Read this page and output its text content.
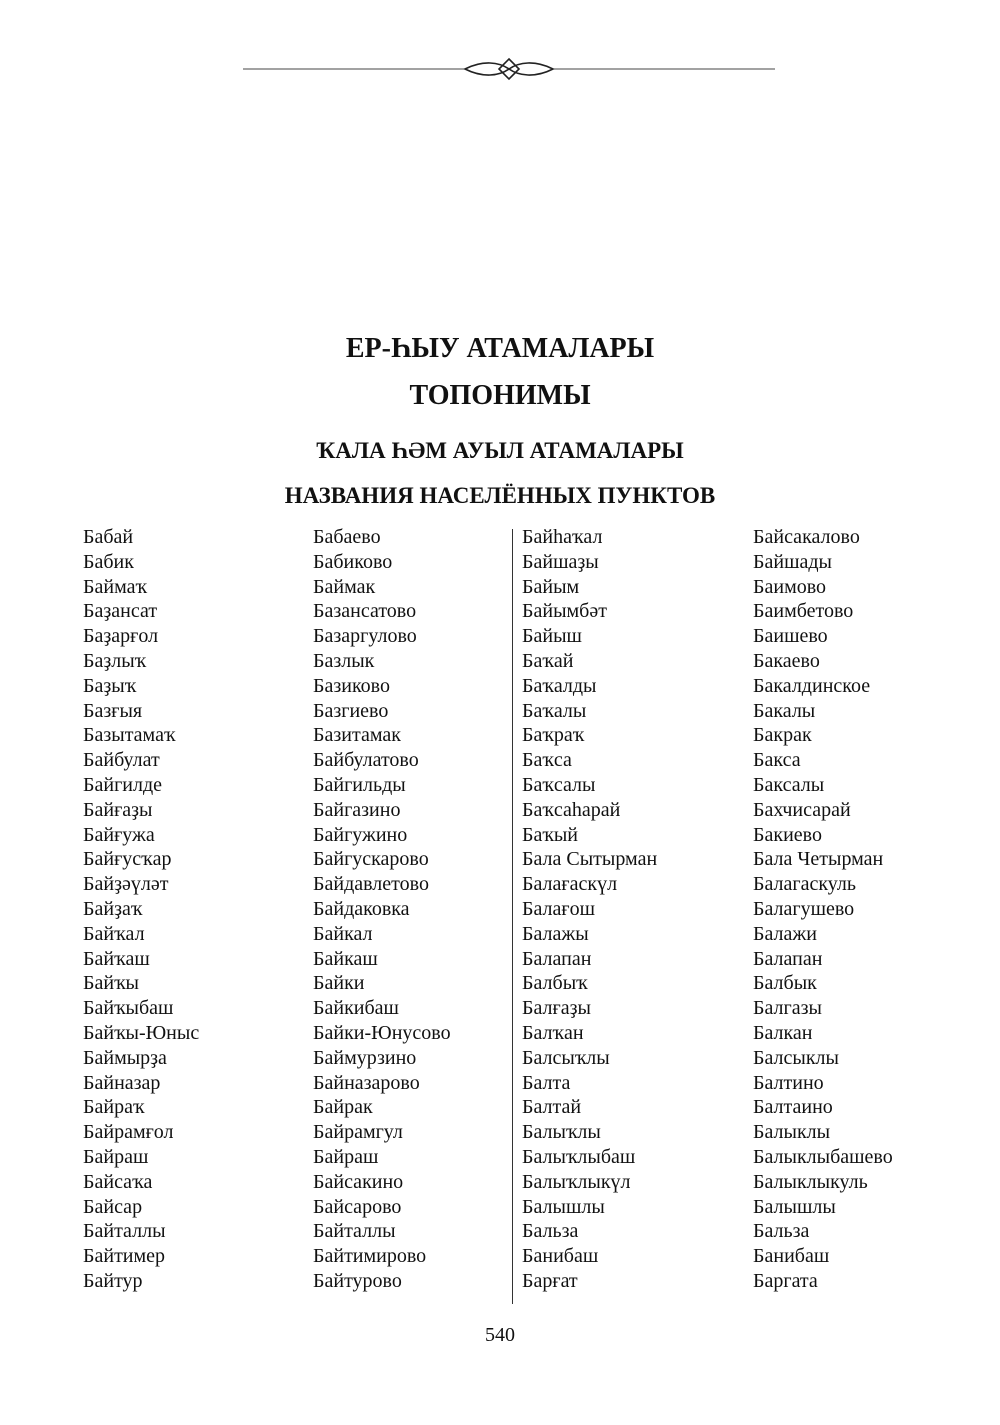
ЕР-ҺЫУ АТАМАЛАРЫ
ТОПОНИМЫ
ҠАЛА ҺӘМ АУЫЛ АТАМАЛАРЫ
НАЗВАНИЯ НАСЕЛЁННЫХ ПУНКТОВ
Бабай
Бабик
Баймаҡ
Баҙансат
Баҙарғол
Баҙлыҡ
Баҙыҡ
Базғыя
Базытамаҡ
Байбулат
Байгилде
Байғаҙы
Байғужа
Байғусҡар
Байҙәүләт
Байҙаҡ
Байҡал
Байҡаш
Байҡы
Байҡыбаш
Байҡы-Юныс
Баймырҙа
Байназар
Байраҡ
Байрамғол
Байраш
Байсаҡа
Байсар
Байталлы
Байтимер
Байтур
Бабаево
Бабиково
Баймак
Базансатово
Базаргулово
Базлык
Базиково
Базгиево
Базитамак
Байбулатово
Байгильды
Байгазино
Байгужино
Байгускарово
Байдавлетово
Байдаковка
Байкал
Байкаш
Байки
Байкибаш
Байки-Юнусово
Баймурзино
Байназарово
Байрак
Байрамгул
Байраш
Байсакино
Байсарово
Байталлы
Байтимирово
Байтурово
Байһаҡал
Байшаҙы
Байым
Байымбәт
Байыш
Баҡай
Баҡалды
Баҡалы
Баҡраҡ
Баҡса
Баҡсалы
Баҡсаһарай
Баҡый
Бала Сытырман
Балағаскүл
Балағош
Балажы
Балапан
Балбыҡ
Балғаҙы
Балҡан
Балсыҡлы
Балта
Балтай
Балыҡлы
Балыҡлыбаш
Балыҡлыкүл
Балышлы
Бальза
Банибаш
Барғат
Байсакалово
Байшады
Баимово
Баимбетово
Баишево
Бакаево
Бакалдинское
Бакалы
Бакрак
Бакса
Баксалы
Бахчисарай
Бакиево
Бала Четырман
Балагаскуль
Балагушево
Балажи
Балапан
Балбык
Балгазы
Балкан
Балсыклы
Балтино
Балтаино
Балыклы
Балыклыбашево
Балыклыкуль
Балышлы
Бальза
Банибаш
Баргата
540
